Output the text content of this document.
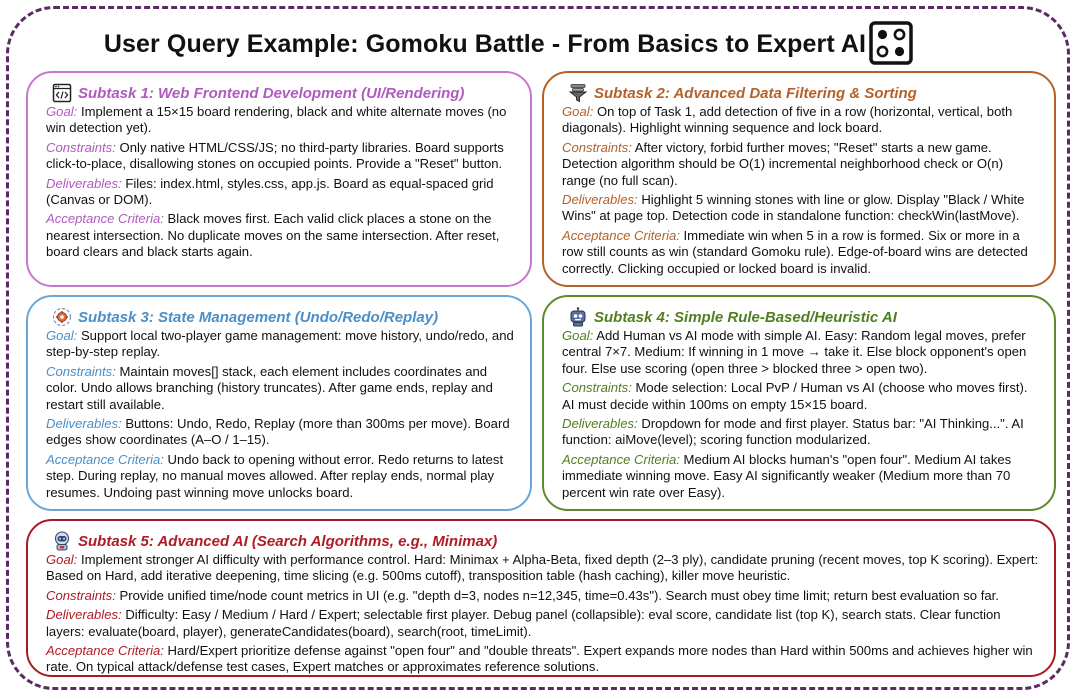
User Query Example: Gomoku Battle - From Basics to Expert AI
Subtask 1: Web Frontend Development (UI/Rendering)

Goal: Implement a 15×15 board rendering, black and white alternate moves (no win detection yet).

Constraints: Only native HTML/CSS/JS; no third-party libraries. Board supports click-to-place, disallowing stones on occupied points. Provide a "Reset" button.

Deliverables: Files: index.html, styles.css, app.js. Board as equal-spaced grid (Canvas or DOM).

Acceptance Criteria: Black moves first. Each valid click places a stone on the nearest intersection. No duplicate moves on the same intersection. After reset, board clears and black starts again.

Subtask 2: Advanced Data Filtering & Sorting

Goal: On top of Task 1, add detection of five in a row (horizontal, vertical, both diagonals). Highlight winning sequence and lock board.

Constraints: After victory, forbid further moves; "Reset" starts a new game. Detection algorithm should be O(1) incremental neighborhood check or O(n) range (no full scan).

Deliverables: Highlight 5 winning stones with line or glow. Display "Black / White Wins" at page top. Detection code in standalone function: checkWin(lastMove).

Acceptance Criteria: Immediate win when 5 in a row is formed. Six or more in a row still counts as win (standard Gomoku rule). Edge-of-board wins are detected correctly. Clicking occupied or locked board is invalid.

Subtask 3: State Management (Undo/Redo/Replay)

Goal: Support local two-player game management: move history, undo/redo, and step-by-step replay.

Constraints: Maintain moves[] stack, each element includes coordinates and color. Undo allows branching (history truncates). After game ends, replay and restart still available.

Deliverables: Buttons: Undo, Redo, Replay (more than 300ms per move). Board edges show coordinates (A–O / 1–15).

Acceptance Criteria: Undo back to opening without error. Redo returns to latest step. During replay, no manual moves allowed. After replay ends, normal play resumes. Undoing past winning move unlocks board.

Subtask 4: Simple Rule-Based/Heuristic AI

Goal: Add Human vs AI mode with simple AI. Easy: Random legal moves, prefer central 7×7. Medium: If winning in 1 move → take it. Else block opponent's open four. Else use scoring (open three > blocked three > open two).

Constraints: Mode selection: Local PvP / Human vs AI (choose who moves first). AI must decide within 100ms on empty 15×15 board.

Deliverables: Dropdown for mode and first player. Status bar: "AI Thinking...". AI function: aiMove(level); scoring function modularized.

Acceptance Criteria: Medium AI blocks human's "open four". Medium AI takes immediate winning move. Easy AI significantly weaker (Medium more than 70 percent win rate over Easy).

Subtask 5: Advanced AI (Search Algorithms, e.g., Minimax)

Goal: Implement stronger AI difficulty with performance control. Hard: Minimax + Alpha-Beta, fixed depth (2–3 ply), candidate pruning (recent moves, top K scoring). Expert: Based on Hard, add iterative deepening, time slicing (e.g. 500ms cutoff), transposition table (hash caching), killer move heuristic.

Constraints: Provide unified time/node count metrics in UI (e.g. "depth d=3, nodes n=12,345, time=0.43s"). Search must obey time limit; return best evaluation so far.

Deliverables: Difficulty: Easy / Medium / Hard / Expert; selectable first player. Debug panel (collapsible): eval score, candidate list (top K), search stats. Clear function layers: evaluate(board, player), generateCandidates(board), search(root, timeLimit).

Acceptance Criteria: Hard/Expert prioritize defense against "open four" and "double threats". Expert expands more nodes than Hard within 500ms and achieves higher win rate. On typical attack/defense test cases, Expert matches or approximates reference solutions.
